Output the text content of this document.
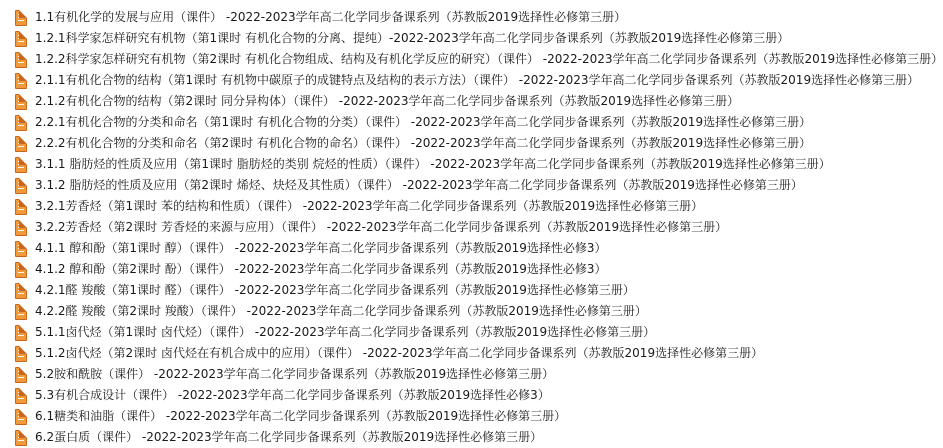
1.1有机化学的发展与应用（课件） -2022-2023学年高二化学同步备课系列（苏教版2019选择性必修第三册）
1.2.1科学家怎样研究有机物（第1课时 有机化合物的分离、提纯）-2022-2023学年高二化学同步备课系列（苏教版2019选择性必修第三册）
1.2.2科学家怎样研究有机物（第2课时 有机化合物组成、结构及有机化学反应的研究）（课件） -2022-2023学年高二化学同步备课系列（苏教版2019选择性必修第三册）
2.1.1有机化合物的结构（第1课时 有机物中碳原子的成键特点及结构的表示方法）（课件） -2022-2023学年高二化学同步备课系列（苏教版2019选择性必修第三册）
2.1.2有机化合物的结构（第2课时 同分异构体）（课件） -2022-2023学年高二化学同步备课系列（苏教版2019选择性必修第三册）
2.2.1有机化合物的分类和命名（第1课时 有机化合物的分类）（课件） -2022-2023学年高二化学同步备课系列（苏教版2019选择性必修第三册）
2.2.2有机化合物的分类和命名（第2课时 有机化合物的命名）（课件） -2022-2023学年高二化学同步备课系列（苏教版2019选择性必修第三册）
3.1.1 脂肪烃的性质及应用（第1课时 脂肪烃的类别 烷烃的性质）（课件） -2022-2023学年高二化学同步备课系列（苏教版2019选择性必修第三册）
3.1.2 脂肪烃的性质及应用（第2课时 烯烃、炔烃及其性质）（课件） -2022-2023学年高二化学同步备课系列（苏教版2019选择性必修第三册）
3.2.1芳香烃（第1课时 苯的结构和性质）（课件） -2022-2023学年高二化学同步备课系列（苏教版2019选择性必修第三册）
3.2.2芳香烃（第2课时 芳香烃的来源与应用）（课件） -2022-2023学年高二化学同步备课系列（苏教版2019选择性必修第三册）
4.1.1 醇和酚（第1课时 醇）（课件） -2022-2023学年高二化学同步备课系列（苏教版2019选择性必修3）
4.1.2 醇和酚（第2课时 酚）（课件） -2022-2023学年高二化学同步备课系列（苏教版2019选择性必修3）
4.2.1醛 羧酸（第1课时 醛）（课件） -2022-2023学年高二化学同步备课系列（苏教版2019选择性必修第三册）
4.2.2醛 羧酸（第2课时 羧酸）（课件） -2022-2023学年高二化学同步备课系列（苏教版2019选择性必修第三册）
5.1.1卤代烃（第1课时 卤代烃）（课件） -2022-2023学年高二化学同步备课系列（苏教版2019选择性必修第三册）
5.1.2卤代烃（第2课时 卤代烃在有机合成中的应用）（课件） -2022-2023学年高二化学同步备课系列（苏教版2019选择性必修第三册）
5.2胺和酰胺（课件） -2022-2023学年高二化学同步备课系列（苏教版2019选择性必修第三册）
5.3有机合成设计（课件） -2022-2023学年高二化学同步备课系列（苏教版2019选择性必修3）
6.1糖类和油脂（课件） -2022-2023学年高二化学同步备课系列（苏教版2019选择性必修第三册）
6.2蛋白质（课件） -2022-2023学年高二化学同步备课系列（苏教版2019选择性必修第三册）
